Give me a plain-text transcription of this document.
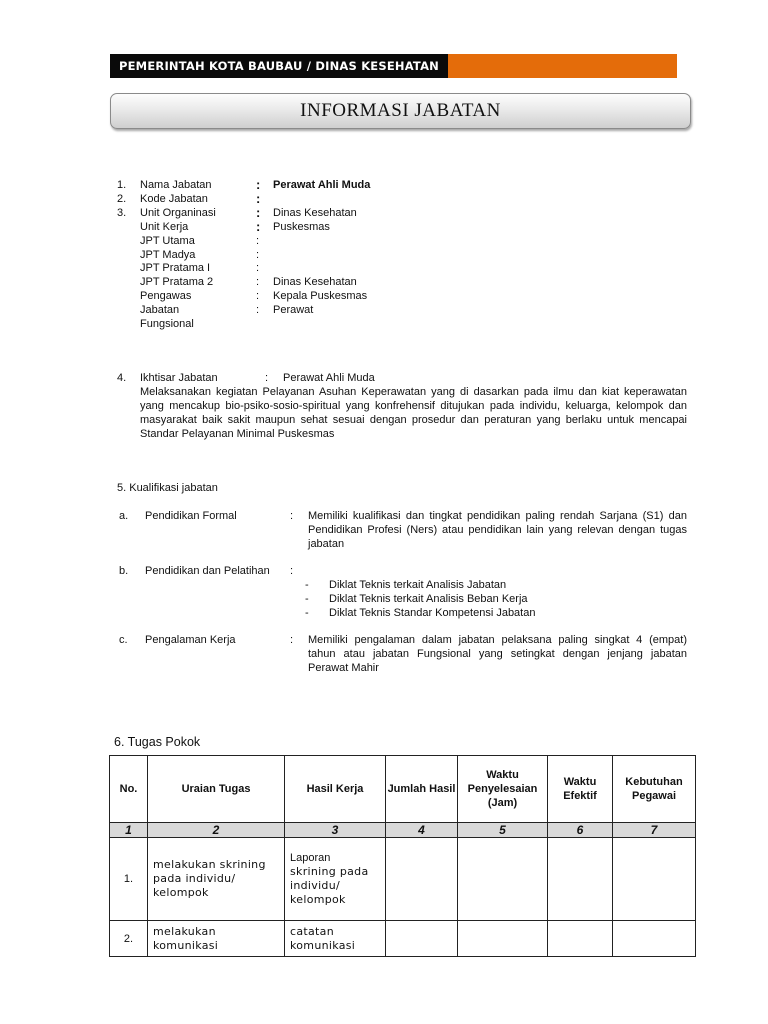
PEMERINTAH KOTA BAUBAU / DINAS KESEHATAN
INFORMASI JABATAN
1. Nama Jabatan	: Perawat Ahli Muda
2. Kode Jabatan	:
3. Unit Organinasi	: Dinas Kesehatan
Unit Kerja	: Puskesmas
JPT Utama	:
JPT Madya	:
JPT Pratama I	:
JPT Pratama 2	: Dinas Kesehatan
Pengawas	: Kepala Puskesmas
Jabatan	: Perawat
Fungsional
4. Ikhtisar Jabatan	: Perawat Ahli Muda
Melaksanakan kegiatan Pelayanan Asuhan Keperawatan yang di dasarkan pada ilmu dan kiat keperawatan yang mencakup bio-psiko-sosio-spiritual yang konfrehensif ditujukan pada individu, keluarga, kelompok dan masyarakat baik sakit maupun sehat sesuai dengan prosedur dan peraturan yang berlaku untuk mencapai Standar Pelayanan Minimal Puskesmas
5. Kualifikasi jabatan
a. Pendidikan Formal	: Memiliki kualifikasi dan tingkat pendidikan paling rendah Sarjana (S1) dan Pendidikan Profesi (Ners) atau pendidikan lain yang relevan dengan tugas jabatan
b. Pendidikan dan Pelatihan :
- Diklat Teknis terkait Analisis Jabatan
- Diklat Teknis terkait Analisis Beban Kerja
- Diklat Teknis Standar Kompetensi Jabatan
c. Pengalaman Kerja	: Memiliki pengalaman dalam jabatan pelaksana paling singkat 4 (empat) tahun atau jabatan Fungsional yang setingkat dengan jenjang jabatan Perawat Mahir
6. Tugas Pokok
No.	Uraian Tugas	Hasil Kerja	Jumlah Hasil	Waktu Penyelesaian (Jam)	Waktu Efektif	Kebutuhan Pegawai
1	2	3	4	5	6	7
1.	melakukan skrining pada individu/ kelompok	Laporan
skrining pada individu/ kelompok				

2.	melakukan komunikasi	catatan komunikasi				
